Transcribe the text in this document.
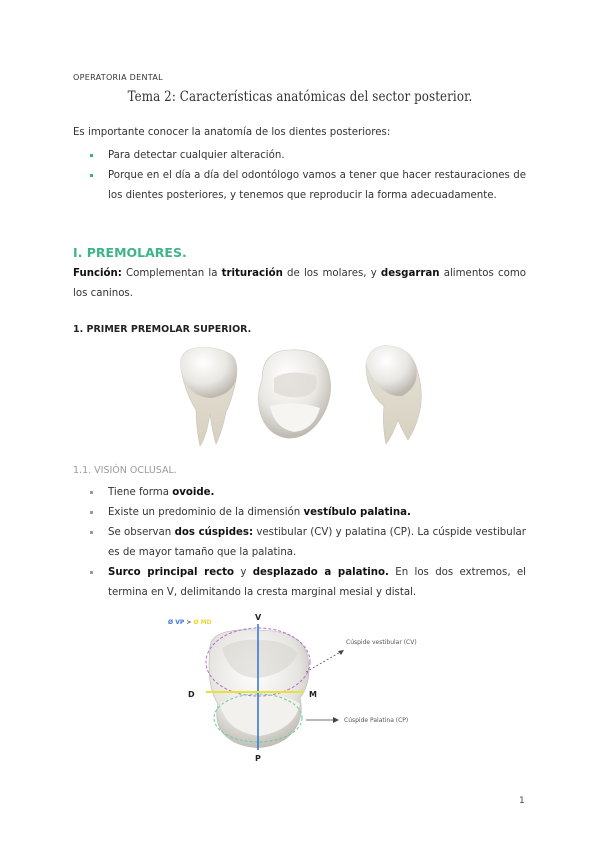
OPERATORIA DENTAL
Tema 2: Características anatómicas del sector posterior.
Es importante conocer la anatomía de los dientes posteriores:
Para detectar cualquier alteración.
Porque en el día a día del odontólogo vamos a tener que hacer restauraciones de los dientes posteriores, y tenemos que reproducir la forma adecuadamente.
I. PREMOLARES.
Función: Complementan la trituración de los molares, y desgarran alimentos como los caninos.
1. PRIMER PREMOLAR SUPERIOR.
1.1. VISIÓN OCLUSAL.
Tiene forma ovoide.
Existe un predominio de la dimensión vestíbulo palatina.
Se observan dos cúspides: vestibular (CV) y palatina (CP). La cúspide vestibular es de mayor tamaño que la palatina.
Surco principal recto y desplazado a palatino. En los dos extremos, el termina en V, delimitando la cresta marginal mesial y distal.
Ø VP > Ø MD
V
P
D	M
Cúspide vestibular (CV)
Cúspide Palatina (CP)
1
